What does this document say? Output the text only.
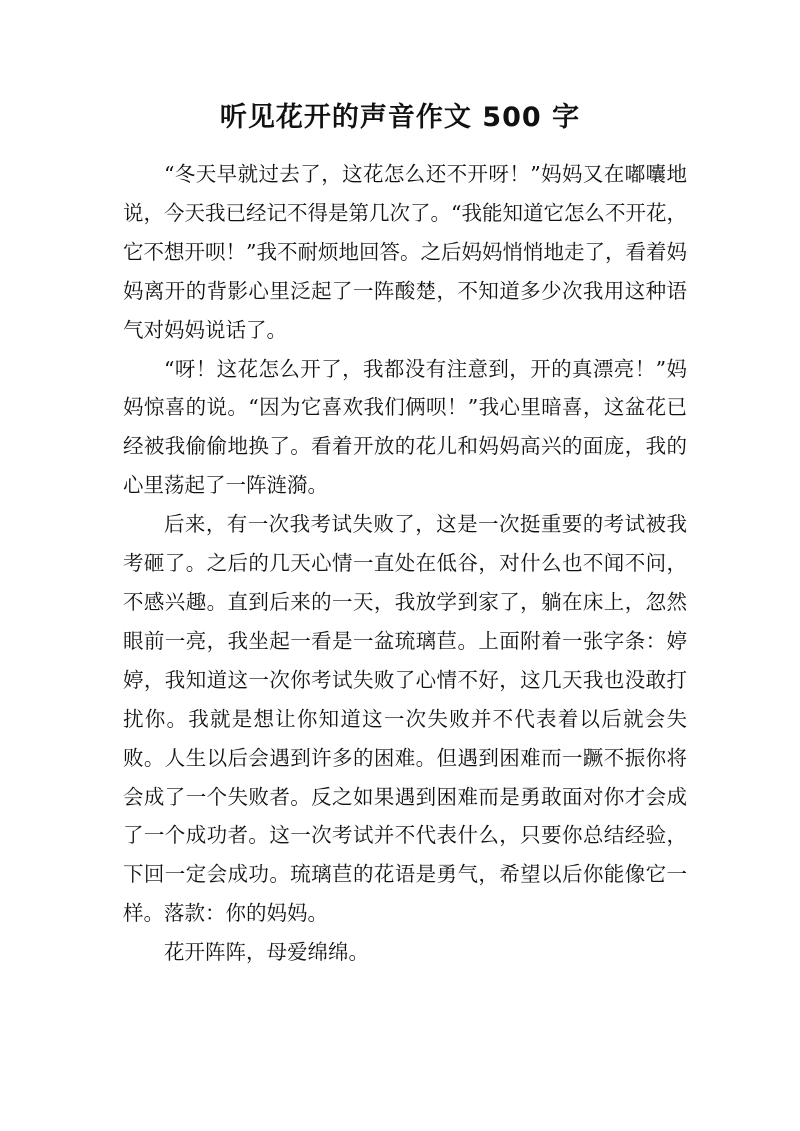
听见花开的声音作文 500 字

“冬天早就过去了，这花怎么还不开呀！”妈妈又在嘟囔地说，今天我已经记不得是第几次了。“我能知道它怎么不开花，它不想开呗！”我不耐烦地回答。之后妈妈悄悄地走了，看着妈妈离开的背影心里泛起了一阵酸楚，不知道多少次我用这种语气对妈妈说话了。

“呀！这花怎么开了，我都没有注意到，开的真漂亮！”妈妈惊喜的说。“因为它喜欢我们俩呗！”我心里暗喜，这盆花已经被我偷偷地换了。看着开放的花儿和妈妈高兴的面庞，我的心里荡起了一阵涟漪。

后来，有一次我考试失败了，这是一次挺重要的考试被我考砸了。之后的几天心情一直处在低谷，对什么也不闻不问，不感兴趣。直到后来的一天，我放学到家了，躺在床上，忽然眼前一亮，我坐起一看是一盆琉璃苣。上面附着一张字条：婷婷，我知道这一次你考试失败了心情不好，这几天我也没敢打扰你。我就是想让你知道这一次失败并不代表着以后就会失败。人生以后会遇到许多的困难。但遇到困难而一蹶不振你将会成了一个失败者。反之如果遇到困难而是勇敢面对你才会成了一个成功者。这一次考试并不代表什么，只要你总结经验，下回一定会成功。琉璃苣的花语是勇气，希望以后你能像它一样。落款：你的妈妈。

花开阵阵，母爱绵绵。
